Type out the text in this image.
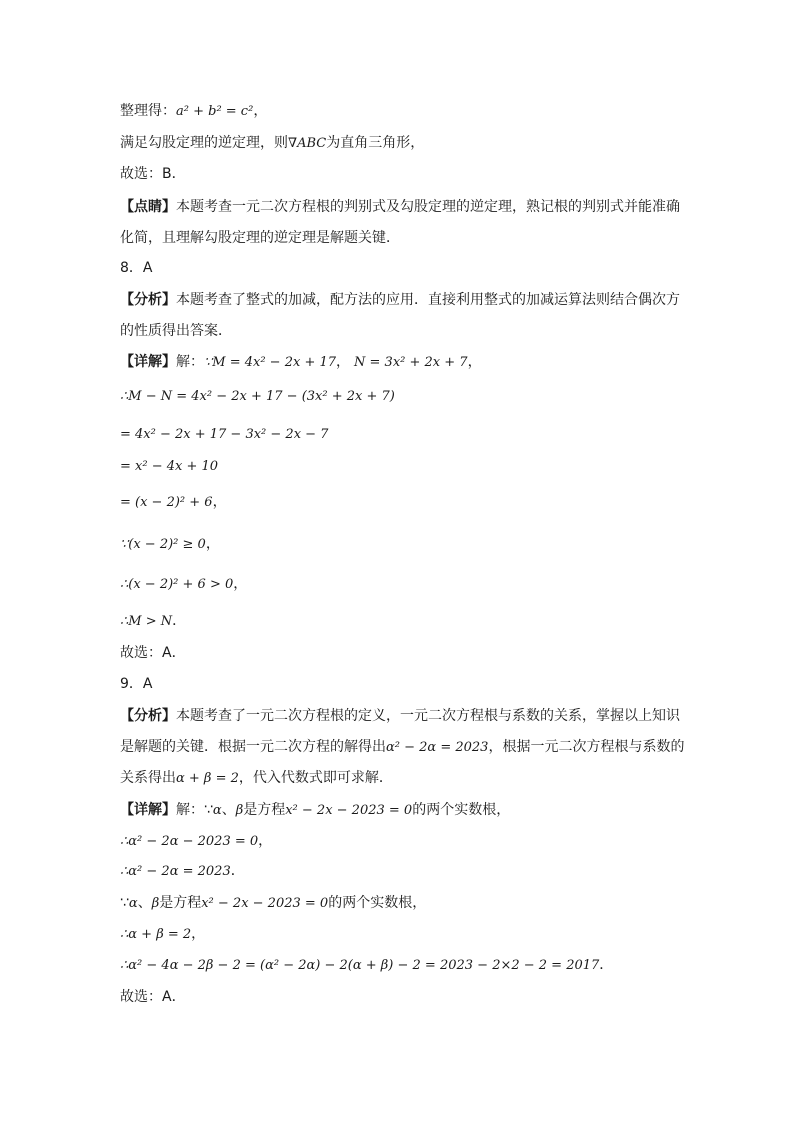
整理得：a² + b² = c²，
满足勾股定理的逆定理，则∇ABC为直角三角形，
故选：B．
【点睛】本题考查一元二次方程根的判别式及勾股定理的逆定理，熟记根的判别式并能准确
化简，且理解勾股定理的逆定理是解题关键．
8．A
【分析】本题考查了整式的加减，配方法的应用．直接利用整式的加减运算法则结合偶次方
的性质得出答案．
【详解】解：∵M = 4x² − 2x + 17， N = 3x² + 2x + 7，
∴M − N = 4x² − 2x + 17 − (3x² + 2x + 7)
= 4x² − 2x + 17 − 3x² − 2x − 7
= x² − 4x + 10
= (x − 2)² + 6，
∵(x − 2)² ≥ 0，
∴(x − 2)² + 6 > 0，
∴M > N．
故选：A．
9．A
【分析】本题考查了一元二次方程根的定义，一元二次方程根与系数的关系，掌握以上知识
是解题的关键．根据一元二次方程的解得出α² − 2α = 2023，根据一元二次方程根与系数的
关系得出α + β = 2，代入代数式即可求解．
【详解】解：∵α、β是方程x² − 2x − 2023 = 0的两个实数根，
∴α² − 2α − 2023 = 0，
∴α² − 2α = 2023．
∵α、β是方程x² − 2x − 2023 = 0的两个实数根，
∴α + β = 2，
∴α² − 4α − 2β − 2 = (α² − 2α) − 2(α + β) − 2 = 2023 − 2×2 − 2 = 2017．
故选：A．
